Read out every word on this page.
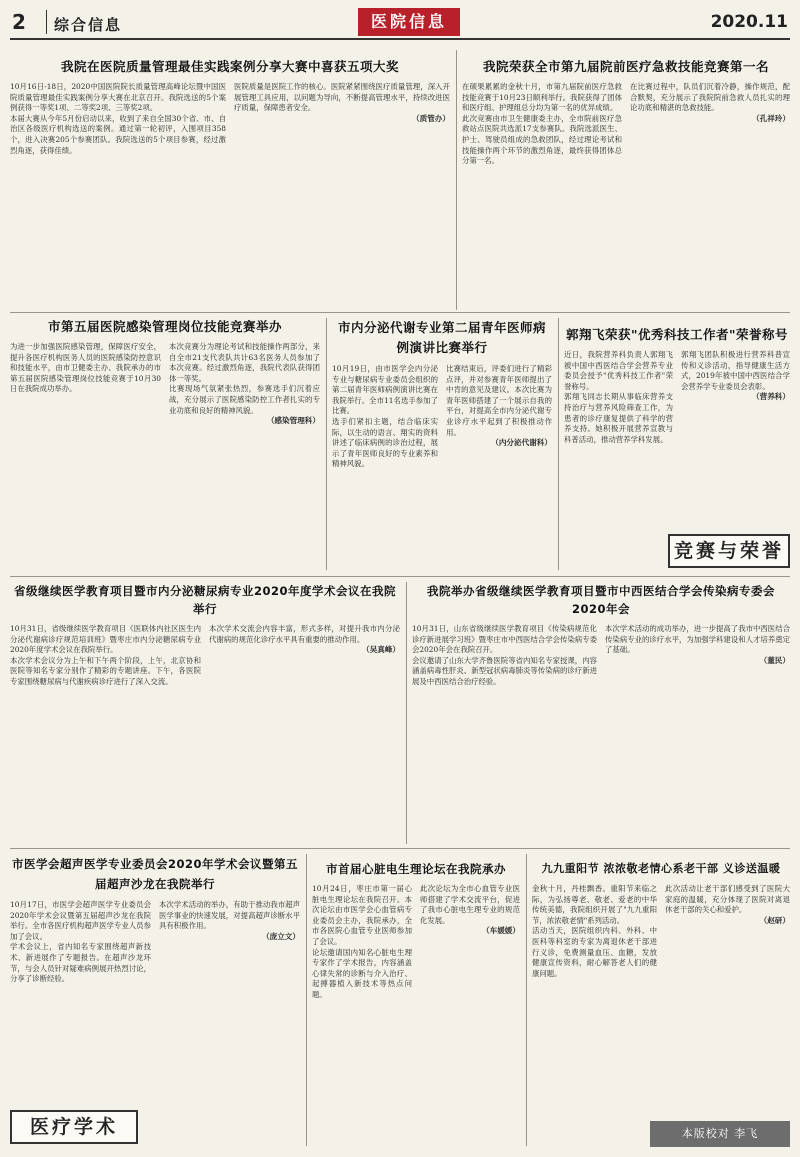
2 综合信息	医院信息	2020.11
我院在医院质量管理最佳实践案例分享大赛中喜获五项大奖

10月16日-18日，2020中国医院院长质量管理高峰论坛暨中国医院质量管理最佳实践案例分享大赛在北京召开。我院选送的5个案例获得一等奖1项、二等奖2项、三等奖2项。

本届大赛从今年5月份启动以来，收到了来自全国30个省、市、自治区各级医疗机构选送的案例。通过第一轮初评，入围项目358个，进入决赛205个参赛团队。我院选送的5个项目参赛，经过激烈角逐，获得佳绩。

医院质量是医院工作的核心。医院紧紧围绕医疗质量管理，深入开展管理工具应用，以问题为导向，不断提高管理水平，持续改进医疗质量，保障患者安全。

（质管办）

我院荣获全市第九届院前医疗急救技能竞赛第一名

在硕果累累的金秋十月，市第九届院前医疗急救技能竞赛于10月23日顺利举行。我院获得了团体和医疗组、护理组总分均为第一名的优异成绩。

此次竞赛由市卫生健康委主办，全市院前医疗急救站点医院共选派17支参赛队。我院选派医生、护士、驾驶员组成的急救团队，经过理论考试和技能操作两个环节的激烈角逐，最终获得团体总分第一名。

在比赛过程中，队员们沉着冷静，操作规范，配合默契，充分展示了我院院前急救人员扎实的理论功底和精湛的急救技能。

（孔祥玲）

市第五届医院感染管理岗位技能竞赛举办

为进一步加强医院感染管理，保障医疗安全，提升各医疗机构医务人员的医院感染防控意识和技能水平，由市卫健委主办、我院承办的市第五届医院感染管理岗位技能竞赛于10月30日在我院成功举办。

本次竞赛分为理论考试和技能操作两部分，来自全市21支代表队共计63名医务人员参加了本次竞赛。经过激烈角逐，我院代表队获得团体一等奖。

比赛现场气氛紧张热烈，参赛选手们沉着应战，充分展示了医院感染防控工作者扎实的专业功底和良好的精神风貌。

（感染管理科）

市内分泌代谢专业第二届青年医师病例演讲比赛举行

10月19日，由市医学会内分泌专业与糖尿病专业委员会组织的第二届青年医师病例演讲比赛在我院举行。全市11名选手参加了比赛。

选手们紧扣主题，结合临床实际，以生动的语言、翔实的资料讲述了临床病例的诊治过程，展示了青年医师良好的专业素养和精神风貌。

比赛结束后，评委们进行了精彩点评，并对参赛青年医师提出了中肯的意见及建议。本次比赛为青年医师搭建了一个展示自我的平台，对提高全市内分泌代谢专业诊疗水平起到了积极推动作用。

（内分泌代谢科）

郭翔飞荣获"优秀科技工作者"荣誉称号

近日，我院营养科负责人郭翔飞被中国中西医结合学会营养专业委员会授予"优秀科技工作者"荣誉称号。

郭翔飞同志长期从事临床营养支持治疗与营养风险筛查工作，为患者的诊疗康复提供了科学的营养支持。她积极开展营养宣教与科普活动，推动营养学科发展。

郭翔飞团队积极进行营养科普宣传和义诊活动，指导健康生活方式，2019年被中国中西医结合学会营养学专业委员会表彰。

（营养科）

竞赛与荣誉
省级继续医学教育项目暨市内分泌糖尿病专业2020年度学术会议在我院举行

10月31日，省级继续医学教育项目《医联体内社区医生内分泌代谢病诊疗规范培训班》暨枣庄市内分泌糖尿病专业2020年度学术会议在我院举行。

本次学术会议分为上午和下午两个阶段，上午，北京协和医院等知名专家分别作了精彩的专题讲座。下午，各医院专家围绕糖尿病与代谢疾病诊疗进行了深入交流。

本次学术交流会内容丰富，形式多样，对提升我市内分泌代谢病的规范化诊疗水平具有重要的推动作用。

（吴真峰）

我院举办省级继续医学教育项目暨市中西医结合学会传染病专委会2020年会

10月31日，山东省级继续医学教育项目《传染病规范化诊疗新进展学习班》暨枣庄市中西医结合学会传染病专委会2020年会在我院召开。

会议邀请了山东大学齐鲁医院等省内知名专家授课，内容涵盖病毒性肝炎、新型冠状病毒肺炎等传染病的诊疗新进展及中西医结合治疗经验。

本次学术活动的成功举办，进一步提高了我市中西医结合传染病专业的诊疗水平，为加强学科建设和人才培养奠定了基础。

（董民）

市医学会超声医学专业委员会2020年学术会议暨第五届超声沙龙在我院举行

10月17日，市医学会超声医学专业委员会2020年学术会议暨第五届超声沙龙在我院举行。全市各医疗机构超声医学专业人员参加了会议。

学术会议上，省内知名专家围绕超声新技术、新进展作了专题报告。在超声沙龙环节，与会人员针对疑难病例展开热烈讨论，分享了诊断经验。

本次学术活动的举办，有助于推动我市超声医学事业的快速发展，对提高超声诊断水平具有积极作用。

（庞立文）

医疗学术
市首届心脏电生理论坛在我院承办

10月24日，枣庄市第一届心脏电生理论坛在我院召开。本次论坛由市医学会心血管病专业委员会主办，我院承办，全市各医院心血管专业医师参加了会议。

论坛邀请国内知名心脏电生理专家作了学术报告，内容涵盖心律失常的诊断与介入治疗、起搏器植入新技术等热点问题。

此次论坛为全市心血管专业医师搭建了学术交流平台，促进了我市心脏电生理专业的规范化发展。

（车媛媛）

九九重阳节 浓浓敬老情心系老干部 义诊送温暖

金秋十月，丹桂飘香。重阳节来临之际，为弘扬尊老、敬老、爱老的中华传统美德，我院组织开展了"九九重阳节，浓浓敬老情"系列活动。

活动当天，医院组织内科、外科、中医科等科室的专家为离退休老干部进行义诊，免费测量血压、血糖，发放健康宣传资料，耐心解答老人们的健康问题。

此次活动让老干部们感受到了医院大家庭的温暖，充分体现了医院对离退休老干部的关心和爱护。

（赵研）

本版校对 李飞
